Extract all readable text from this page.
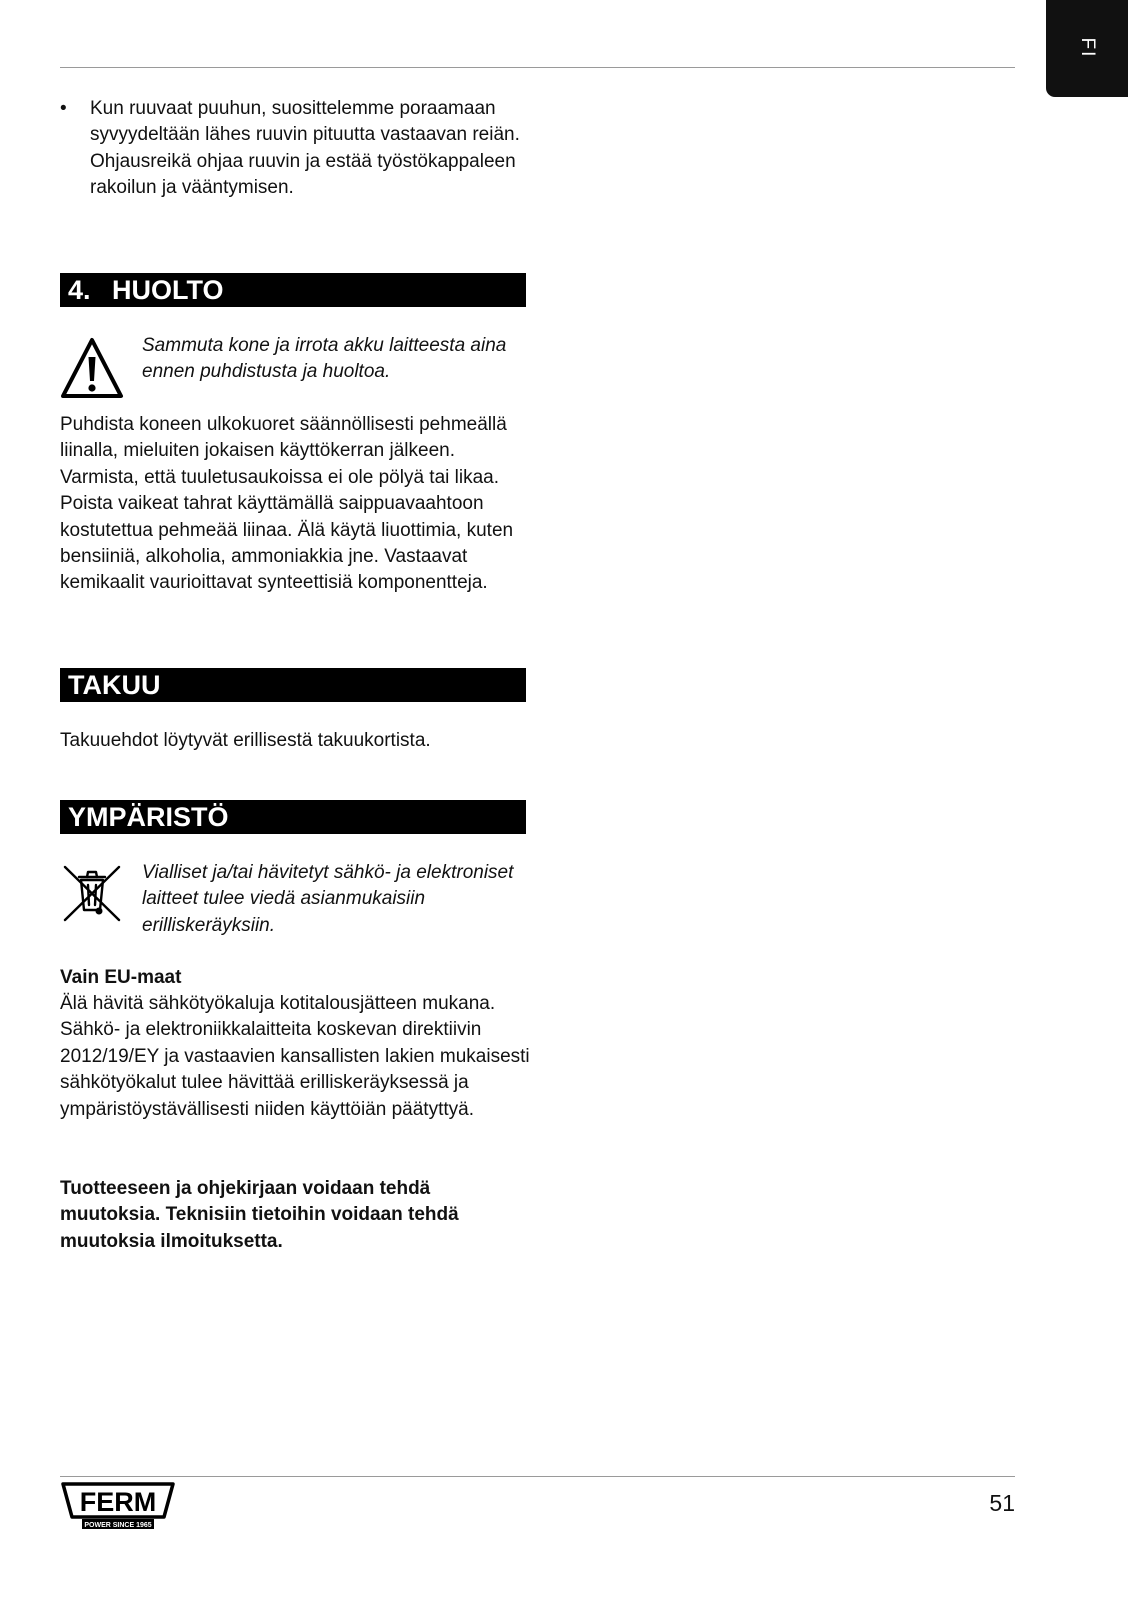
FI
• Kun ruuvaat puuhun, suosittelemme poraamaan syvyydeltään lähes ruuvin pituutta vastaavan reiän. Ohjausreikä ohjaa ruuvin ja estää työstökappaleen rakoilun ja vääntymisen.
4. HUOLTO
Sammuta kone ja irrota akku laitteesta aina ennen puhdistusta ja huoltoa.
Puhdista koneen ulkokuoret säännöllisesti pehmeällä liinalla, mieluiten jokaisen käyttökerran jälkeen. Varmista, että tuuletusaukoissa ei ole pölyä tai likaa. Poista vaikeat tahrat käyttämällä saippuavaahtoon kostutettua pehmeää liinaa. Älä käytä liuottimia, kuten bensiiniä, alkoholia, ammoniakkia jne. Vastaavat kemikaalit vaurioittavat synteettisiä komponentteja.
TAKUU
Takuuehdot löytyvät erillisestä takuukortista.
YMPÄRISTÖ
Vialliset ja/tai hävitetyt sähkö- ja elektroniset laitteet tulee viedä asianmukaisiin erilliskeräyksiin.
Vain EU-maat
Älä hävitä sähkötyökaluja kotitalousjätteen mukana. Sähkö- ja elektroniikkalaitteita koskevan direktiivin 2012/19/EY ja vastaavien kansallisten lakien mukaisesti sähkötyökalut tulee hävittää erilliskeräyksessä ja ympäristöystävällisesti niiden käyttöiän päätyttyä.
Tuotteeseen ja ohjekirjaan voidaan tehdä muutoksia. Teknisiin tietoihin voidaan tehdä muutoksia ilmoituksetta.
FERM
POWER SINCE 1965
51
